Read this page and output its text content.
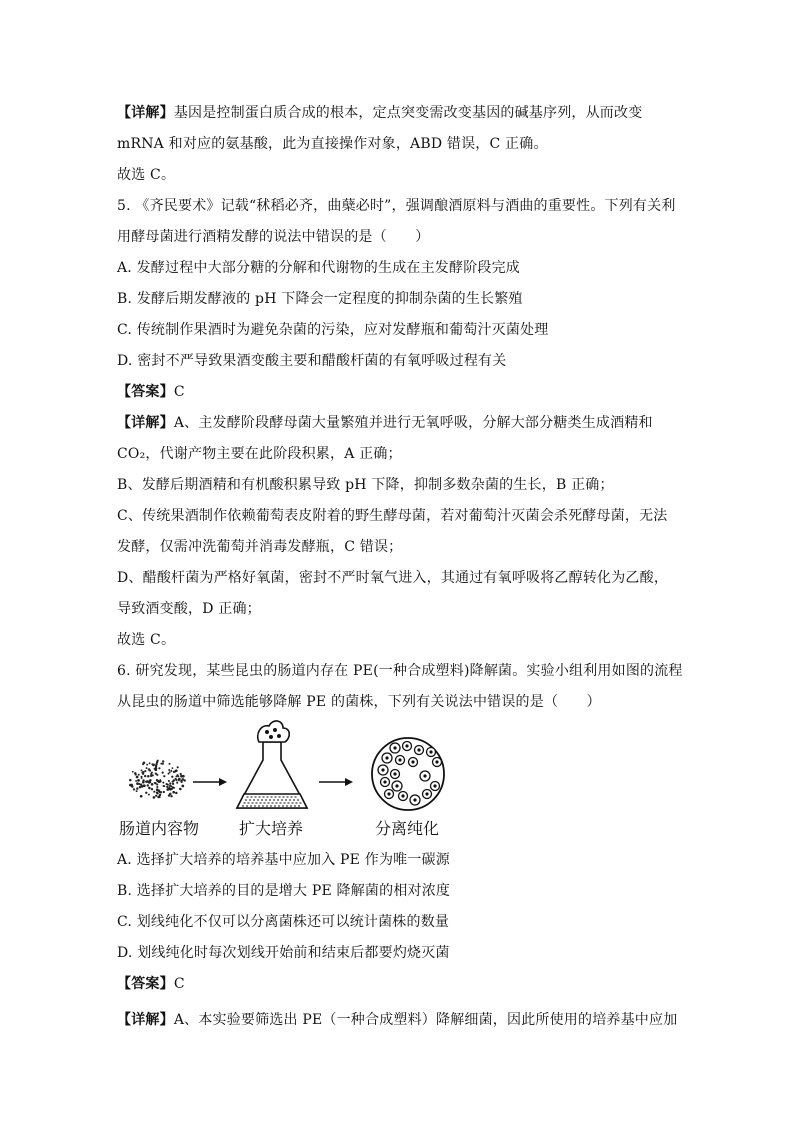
【详解】基因是控制蛋白质合成的根本，定点突变需改变基因的碱基序列，从而改变
mRNA 和对应的氨基酸，此为直接操作对象，ABD 错误，C 正确。
故选 C。
5. 《齐民要术》记载“秫稻必齐，曲蘖必时”，强调酿酒原料与酒曲的重要性。下列有关利
用酵母菌进行酒精发酵的说法中错误的是（　　）
A. 发酵过程中大部分糖的分解和代谢物的生成在主发酵阶段完成
B. 发酵后期发酵液的 pH 下降会一定程度的抑制杂菌的生长繁殖
C. 传统制作果酒时为避免杂菌的污染，应对发酵瓶和葡萄汁灭菌处理
D. 密封不严导致果酒变酸主要和醋酸杆菌的有氧呼吸过程有关
【答案】C
【详解】A、主发酵阶段酵母菌大量繁殖并进行无氧呼吸，分解大部分糖类生成酒精和
CO₂，代谢产物主要在此阶段积累，A 正确；
B、发酵后期酒精和有机酸积累导致 pH 下降，抑制多数杂菌的生长，B 正确；
C、传统果酒制作依赖葡萄表皮附着的野生酵母菌，若对葡萄汁灭菌会杀死酵母菌，无法
发酵，仅需冲洗葡萄并消毒发酵瓶，C 错误；
D、醋酸杆菌为严格好氧菌，密封不严时氧气进入，其通过有氧呼吸将乙醇转化为乙酸，
导致酒变酸，D 正确；
故选 C。
6. 研究发现，某些昆虫的肠道内存在 PE(一种合成塑料)降解菌。实验小组利用如图的流程
从昆虫的肠道中筛选能够降解 PE 的菌株，下列有关说法中错误的是（　　）
肠道内容物 扩大培养	分离纯化
A. 选择扩大培养的培养基中应加入 PE 作为唯一碳源
B. 选择扩大培养的目的是增大 PE 降解菌的相对浓度
C. 划线纯化不仅可以分离菌株还可以统计菌株的数量
D. 划线纯化时每次划线开始前和结束后都要灼烧灭菌
【答案】C
【详解】A、本实验要筛选出 PE（一种合成塑料）降解细菌，因此所使用的培养基中应加
